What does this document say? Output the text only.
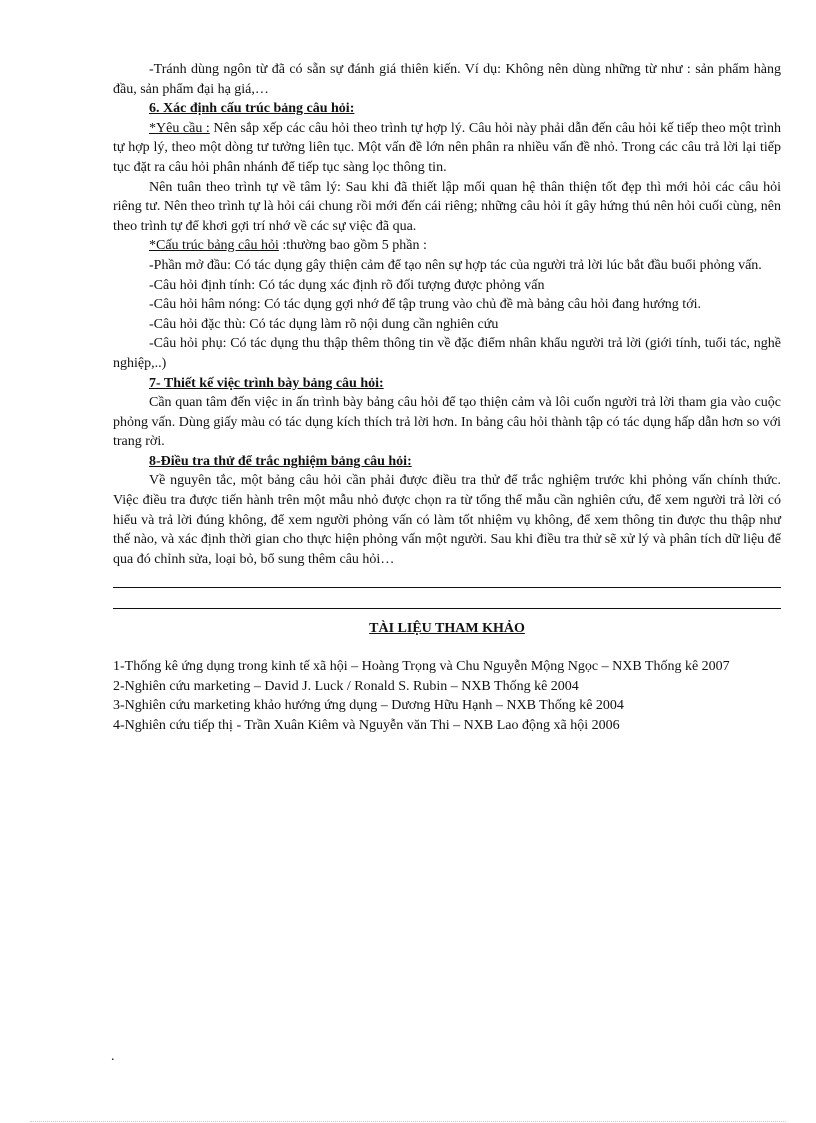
-Tránh dùng ngôn từ đã có sẵn sự đánh giá thiên kiến. Ví dụ: Không nên dùng những từ như : sản phẩm hàng đầu, sản phẩm đại hạ giá,…

6. Xác định cấu trúc bảng câu hỏi:

*Yêu cầu : Nên sắp xếp các câu hỏi theo trình tự hợp lý. Câu hỏi này phải dẫn đến câu hỏi kế tiếp theo một trình tự hợp lý, theo một dòng tư tưởng liên tục. Một vấn đề lớn nên phân ra nhiều vấn đề nhỏ. Trong các câu trả lời lại tiếp tục đặt ra câu hỏi phân nhánh để tiếp tục sàng lọc thông tin.

Nên tuân theo trình tự về tâm lý: Sau khi đã thiết lập mối quan hệ thân thiện tốt đẹp thì mới hỏi các câu hỏi riêng tư. Nên theo trình tự là hỏi cái chung rồi mới đến cái riêng; những câu hỏi ít gây hứng thú nên hỏi cuối cùng, nên theo trình tự để khơi gợi trí nhớ về các sự việc đã qua.

*Cấu trúc bảng câu hỏi :thường bao gồm 5 phần :

-Phần mở đầu: Có tác dụng gây thiện cảm để tạo nên sự hợp tác của người trả lời lúc bắt đầu buổi phỏng vấn.

-Câu hỏi định tính: Có tác dụng xác định rõ đối tượng được phỏng vấn

-Câu hỏi hâm nóng: Có tác dụng gợi nhớ để tập trung vào chủ đề mà bảng câu hỏi đang hướng tới.

-Câu hỏi đặc thù: Có tác dụng làm rõ nội dung cần nghiên cứu

-Câu hỏi phụ: Có tác dụng thu thập thêm thông tin về đặc điểm nhân khẩu người trả lời (giới tính, tuổi tác, nghề nghiệp,..)

7- Thiết kế việc trình bày bảng câu hỏi:

Cần quan tâm đến việc in ấn trình bày bảng câu hỏi để tạo thiện cảm và lôi cuốn người trả lời tham gia vào cuộc phỏng vấn. Dùng giấy màu có tác dụng kích thích trả lời hơn. In bảng câu hỏi thành tập có tác dụng hấp dẫn hơn so với trang rời.

8-Điều tra thử để trắc nghiệm bảng câu hỏi:

Về nguyên tắc, một bảng câu hỏi cần phải được điều tra thử để trắc nghiệm trước khi phỏng vấn chính thức. Việc điều tra được tiến hành trên một mẫu nhỏ được chọn ra từ tổng thể mẫu cần nghiên cứu, để xem người trả lời có hiểu và trả lời đúng không, để xem người phỏng vấn có làm tốt nhiệm vụ không, để xem thông tin được thu thập như thế nào, và xác định thời gian cho thực hiện phỏng vấn một người. Sau khi điều tra thử sẽ xử lý và phân tích dữ liệu để qua đó chỉnh sửa, loại bỏ, bổ sung thêm câu hỏi…

TÀI LIỆU THAM KHẢO

1-Thống kê ứng dụng trong kinh tế xã hội – Hoàng Trọng và Chu Nguyễn Mộng Ngọc – NXB Thống kê 2007

2-Nghiên cứu marketing – David J. Luck / Ronald S. Rubin – NXB Thống kê 2004

3-Nghiên cứu marketing khảo hướng ứng dụng – Dương Hữu Hạnh – NXB Thống kê 2004

4-Nghiên cứu tiếp thị - Trần Xuân Kiêm và Nguyễn văn Thi – NXB Lao động xã hội 2006

.
